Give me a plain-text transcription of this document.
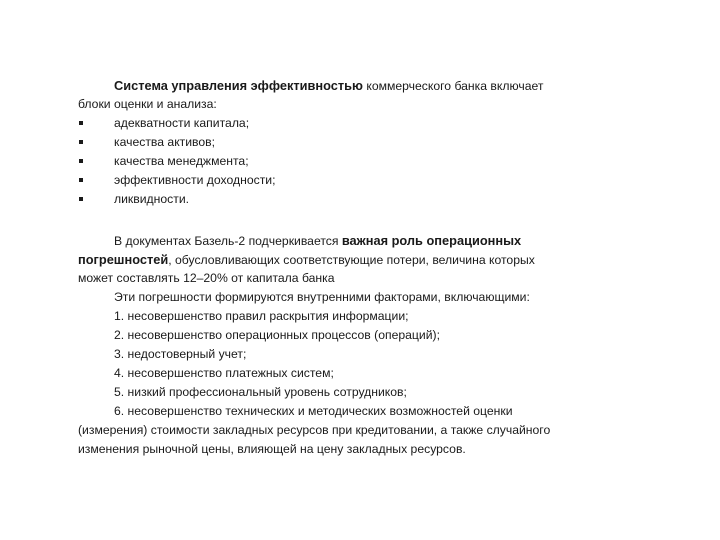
Система управления эффективностью коммерческого банка включает
блоки оценки и анализа:
адекватности капитала;
качества активов;
качества менеджмента;
эффективности доходности;
ликвидности.
В документах Базель-2 подчеркивается важная роль операционных
погрешностей, обусловливающих соответствующие потери, величина которых
может составлять 12–20% от капитала банка
Эти погрешности формируются внутренними факторами, включающими:
1. несовершенство правил раскрытия информации;
2. несовершенство операционных процессов (операций);
3. недостоверный учет;
4. несовершенство платежных систем;
5. низкий профессиональный уровень сотрудников;
6. несовершенство технических и методических возможностей оценки
(измерения) стоимости закладных ресурсов при кредитовании, а также случайного
изменения рыночной цены, влияющей на цену закладных ресурсов.
